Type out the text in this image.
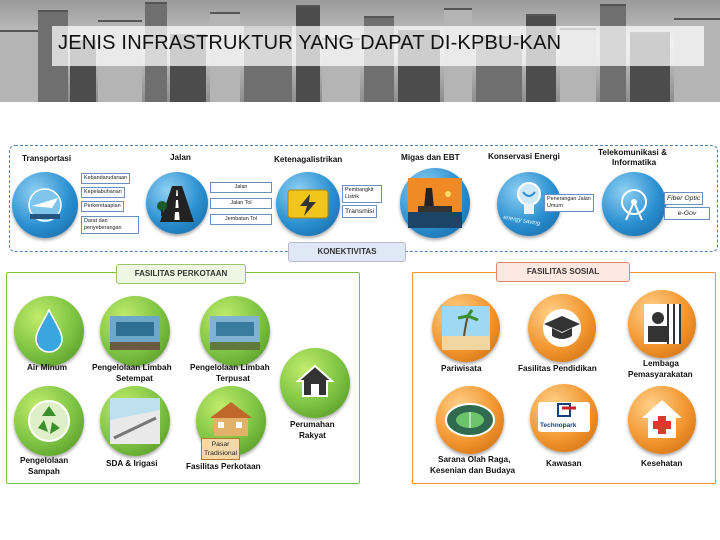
JENIS INFRASTRUKTUR YANG DAPAT DI-KPBU-KAN
KONEKTIVITAS
Transportasi	Jalan	Ketenagalistrikan	Migas dan EBT	Konservasi Energi	Telekomunikasi &
Informatika
Kebandarudaraan
Kepelabuhanan
Perkeretaapian
Darat dan penyeberangan
Jalan
Jalan Tol
Jembatan Tol
Pembangkit Listrik
Transmisi
energy saving
Penerangan Jalan Umum
Fiber Optic
e-Gov
FASILITAS PERKOTAAN
Air Minum	Pengelolaan Limbah
Setempat
Pengelolaan Limbah
Terpusat
Perumahan
Rakyat
Pengelolaan
Sampah
SDA & Irigasi
Pasar
Tradisional
Fasilitas Perkotaan
FASILITAS SOSIAL
Pariwisata	Fasilitas Pendidikan
Lembaga
Pemasyarakatan
Sarana Olah Raga,
Kesenian dan Budaya
Technopark
Kawasan	Kesehatan
